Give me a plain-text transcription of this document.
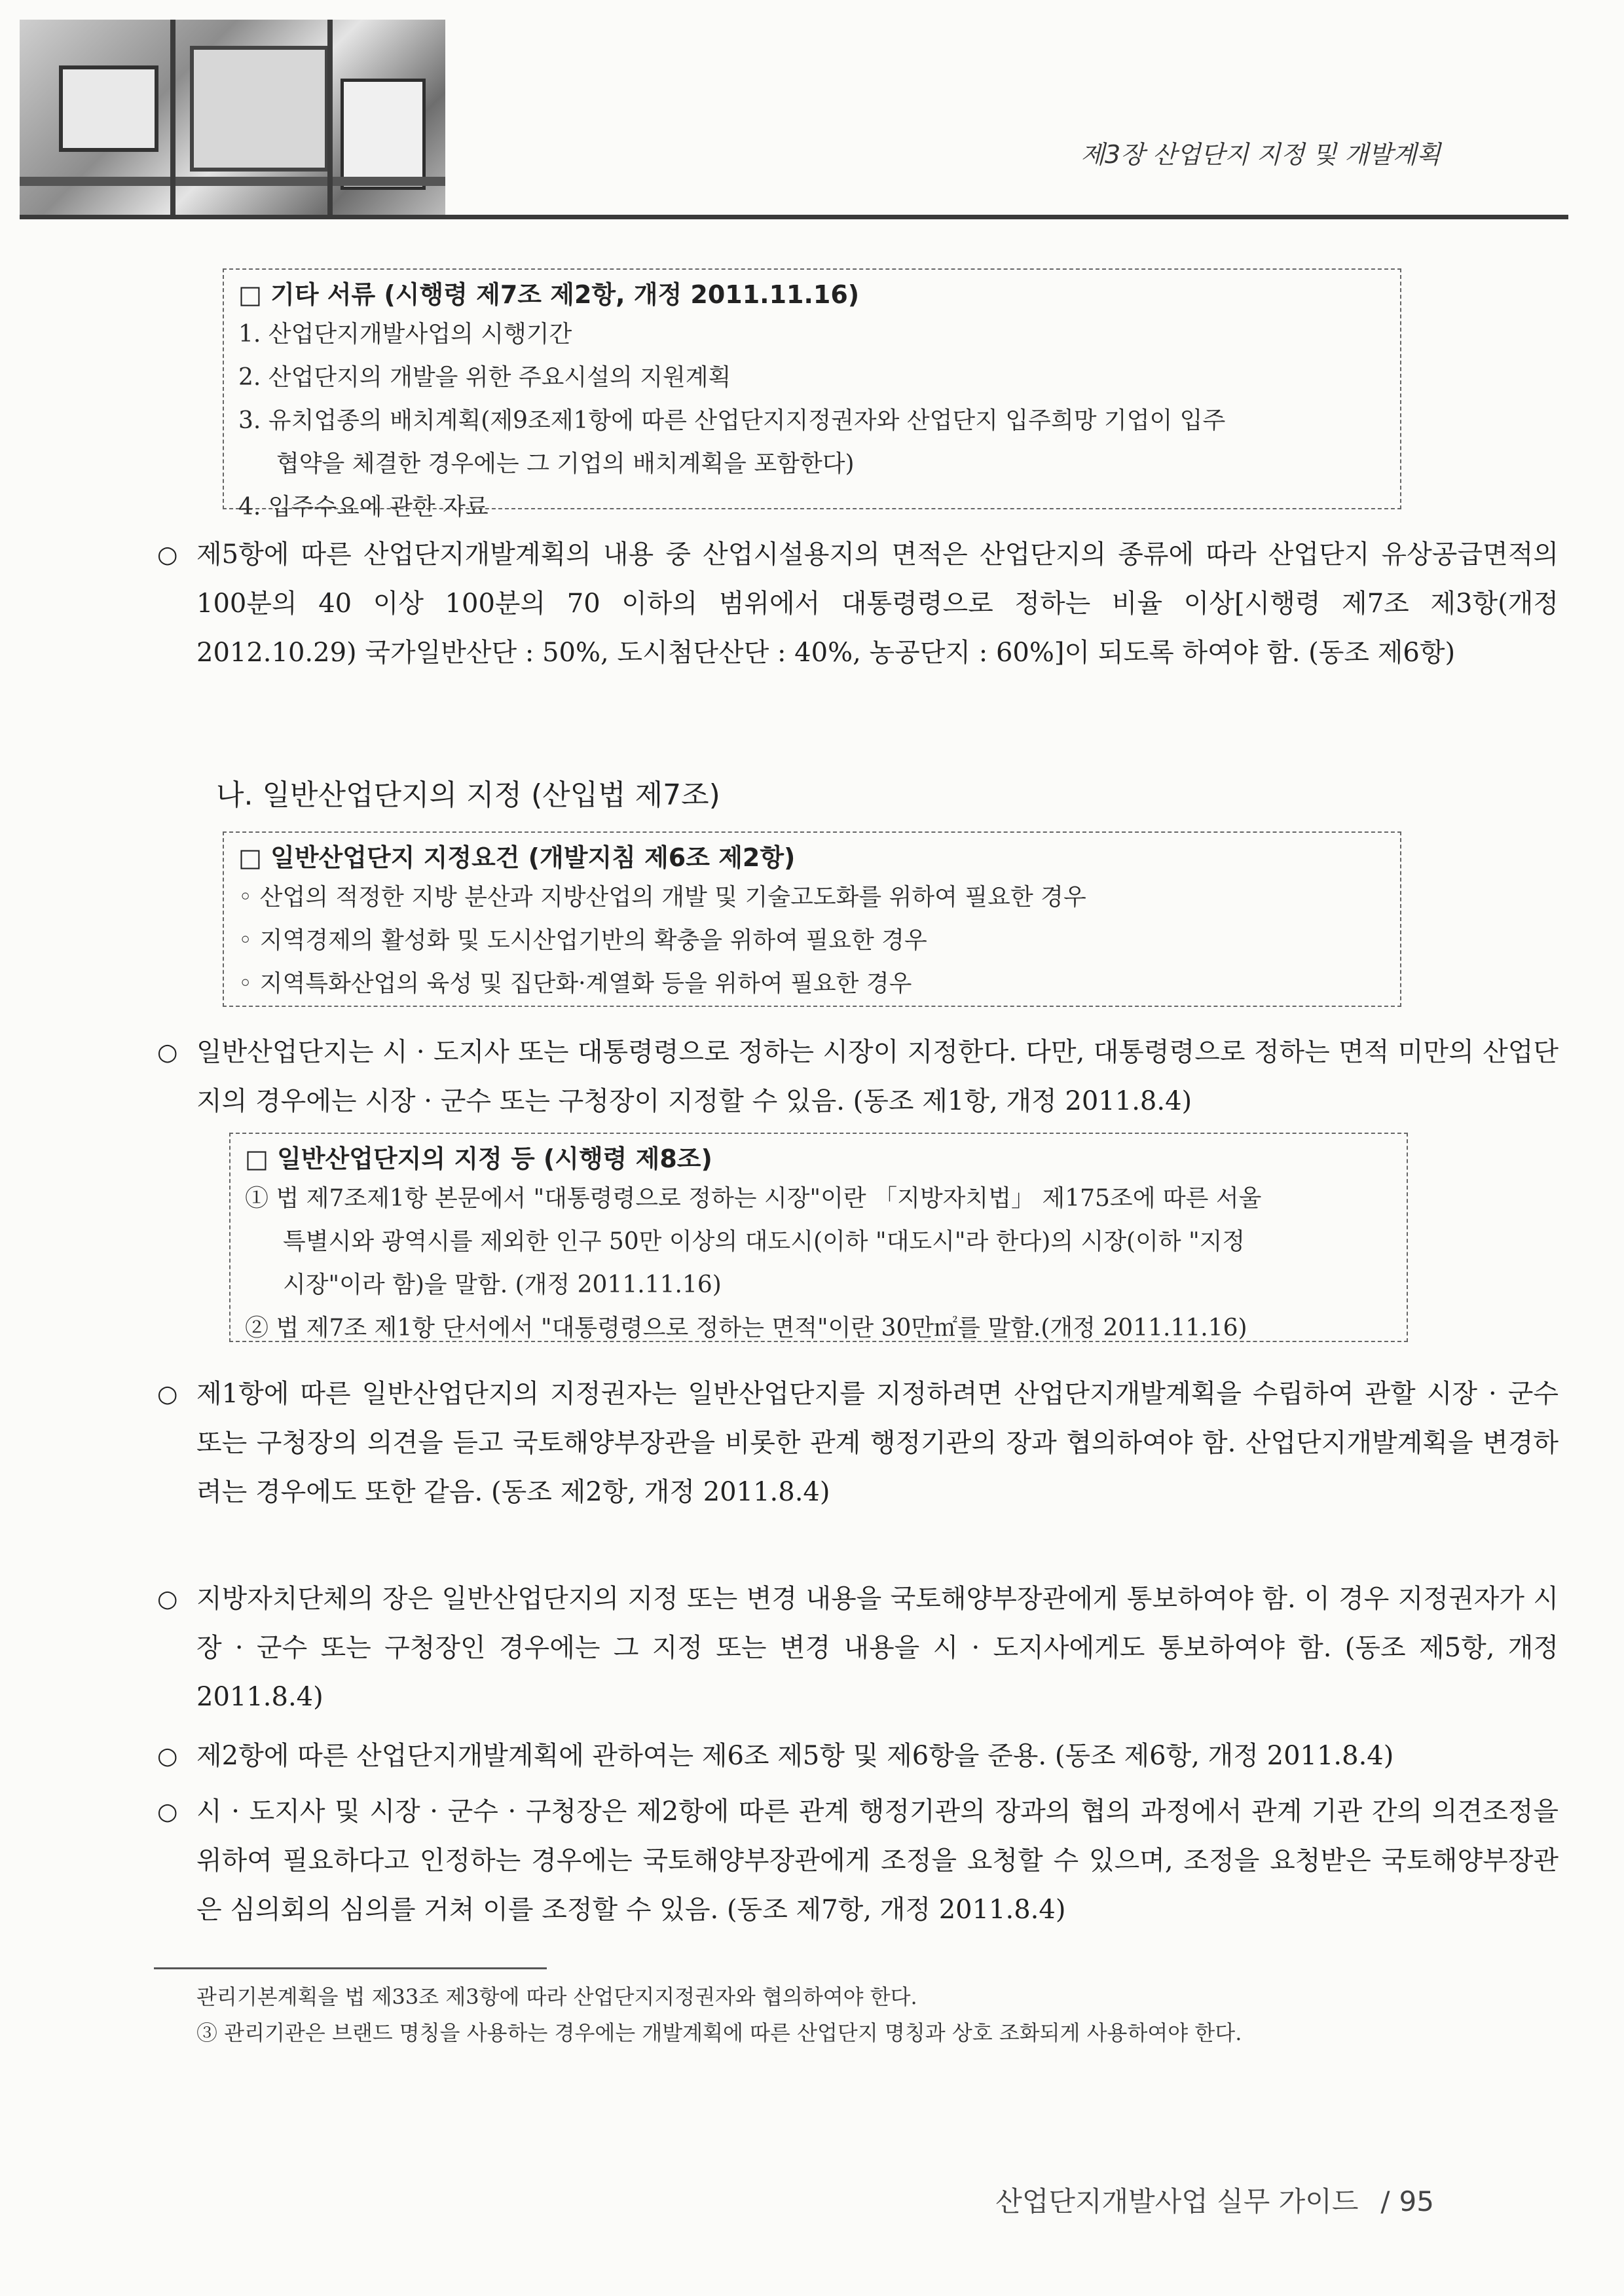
제3장 산업단지 지정 및 개발계획
□ 기타 서류 (시행령 제7조 제2항, 개정 2011.11.16)
1. 산업단지개발사업의 시행기간
2. 산업단지의 개발을 위한 주요시설의 지원계획
3. 유치업종의 배치계획(제9조제1항에 따른 산업단지지정권자와 산업단지 입주희망 기업이 입주
협약을 체결한 경우에는 그 기업의 배치계획을 포함한다)
4. 입주수요에 관한 자료
○ 제5항에 따른 산업단지개발계획의 내용 중 산업시설용지의 면적은 산업단지의 종류에 따라 산업단지 유상공급면적의 100분의 40 이상 100분의 70 이하의 범위에서 대통령령으로 정하는 비율 이상[시행령 제7조 제3항(개정 2012.10.29) 국가일반산단 : 50%, 도시첨단산단 : 40%, 농공단지 : 60%]이 되도록 하여야 함. (동조 제6항)
나. 일반산업단지의 지정 (산입법 제7조)
□ 일반산업단지 지정요건 (개발지침 제6조 제2항)
◦ 산업의 적정한 지방 분산과 지방산업의 개발 및 기술고도화를 위하여 필요한 경우
◦ 지역경제의 활성화 및 도시산업기반의 확충을 위하여 필요한 경우
◦ 지역특화산업의 육성 및 집단화·계열화 등을 위하여 필요한 경우
○ 일반산업단지는 시 · 도지사 또는 대통령령으로 정하는 시장이 지정한다. 다만, 대통령령으로 정하는 면적 미만의 산업단지의 경우에는 시장 · 군수 또는 구청장이 지정할 수 있음. (동조 제1항, 개정 2011.8.4)
□ 일반산업단지의 지정 등 (시행령 제8조)
① 법 제7조제1항 본문에서 "대통령령으로 정하는 시장"이란 「지방자치법」 제175조에 따른 서울
특별시와 광역시를 제외한 인구 50만 이상의 대도시(이하 "대도시"라 한다)의 시장(이하 "지정
시장"이라 함)을 말함. (개정 2011.11.16)
② 법 제7조 제1항 단서에서 "대통령령으로 정하는 면적"이란 30만㎡를 말함.(개정 2011.11.16)
○ 제1항에 따른 일반산업단지의 지정권자는 일반산업단지를 지정하려면 산업단지개발계획을 수립하여 관할 시장 · 군수 또는 구청장의 의견을 듣고 국토해양부장관을 비롯한 관계 행정기관의 장과 협의하여야 함. 산업단지개발계획을 변경하려는 경우에도 또한 같음. (동조 제2항, 개정 2011.8.4)
○ 지방자치단체의 장은 일반산업단지의 지정 또는 변경 내용을 국토해양부장관에게 통보하여야 함. 이 경우 지정권자가 시장 · 군수 또는 구청장인 경우에는 그 지정 또는 변경 내용을 시 · 도지사에게도 통보하여야 함. (동조 제5항, 개정 2011.8.4)
○ 제2항에 따른 산업단지개발계획에 관하여는 제6조 제5항 및 제6항을 준용. (동조 제6항, 개정 2011.8.4)
○ 시 · 도지사 및 시장 · 군수 · 구청장은 제2항에 따른 관계 행정기관의 장과의 협의 과정에서 관계 기관 간의 의견조정을 위하여 필요하다고 인정하는 경우에는 국토해양부장관에게 조정을 요청할 수 있으며, 조정을 요청받은 국토해양부장관은 심의회의 심의를 거쳐 이를 조정할 수 있음. (동조 제7항, 개정 2011.8.4)
관리기본계획을 법 제33조 제3항에 따라 산업단지지정권자와 협의하여야 한다.
③ 관리기관은 브랜드 명칭을 사용하는 경우에는 개발계획에 따른 산업단지 명칭과 상호 조화되게 사용하여야 한다.
산업단지개발사업 실무 가이드 / 95
